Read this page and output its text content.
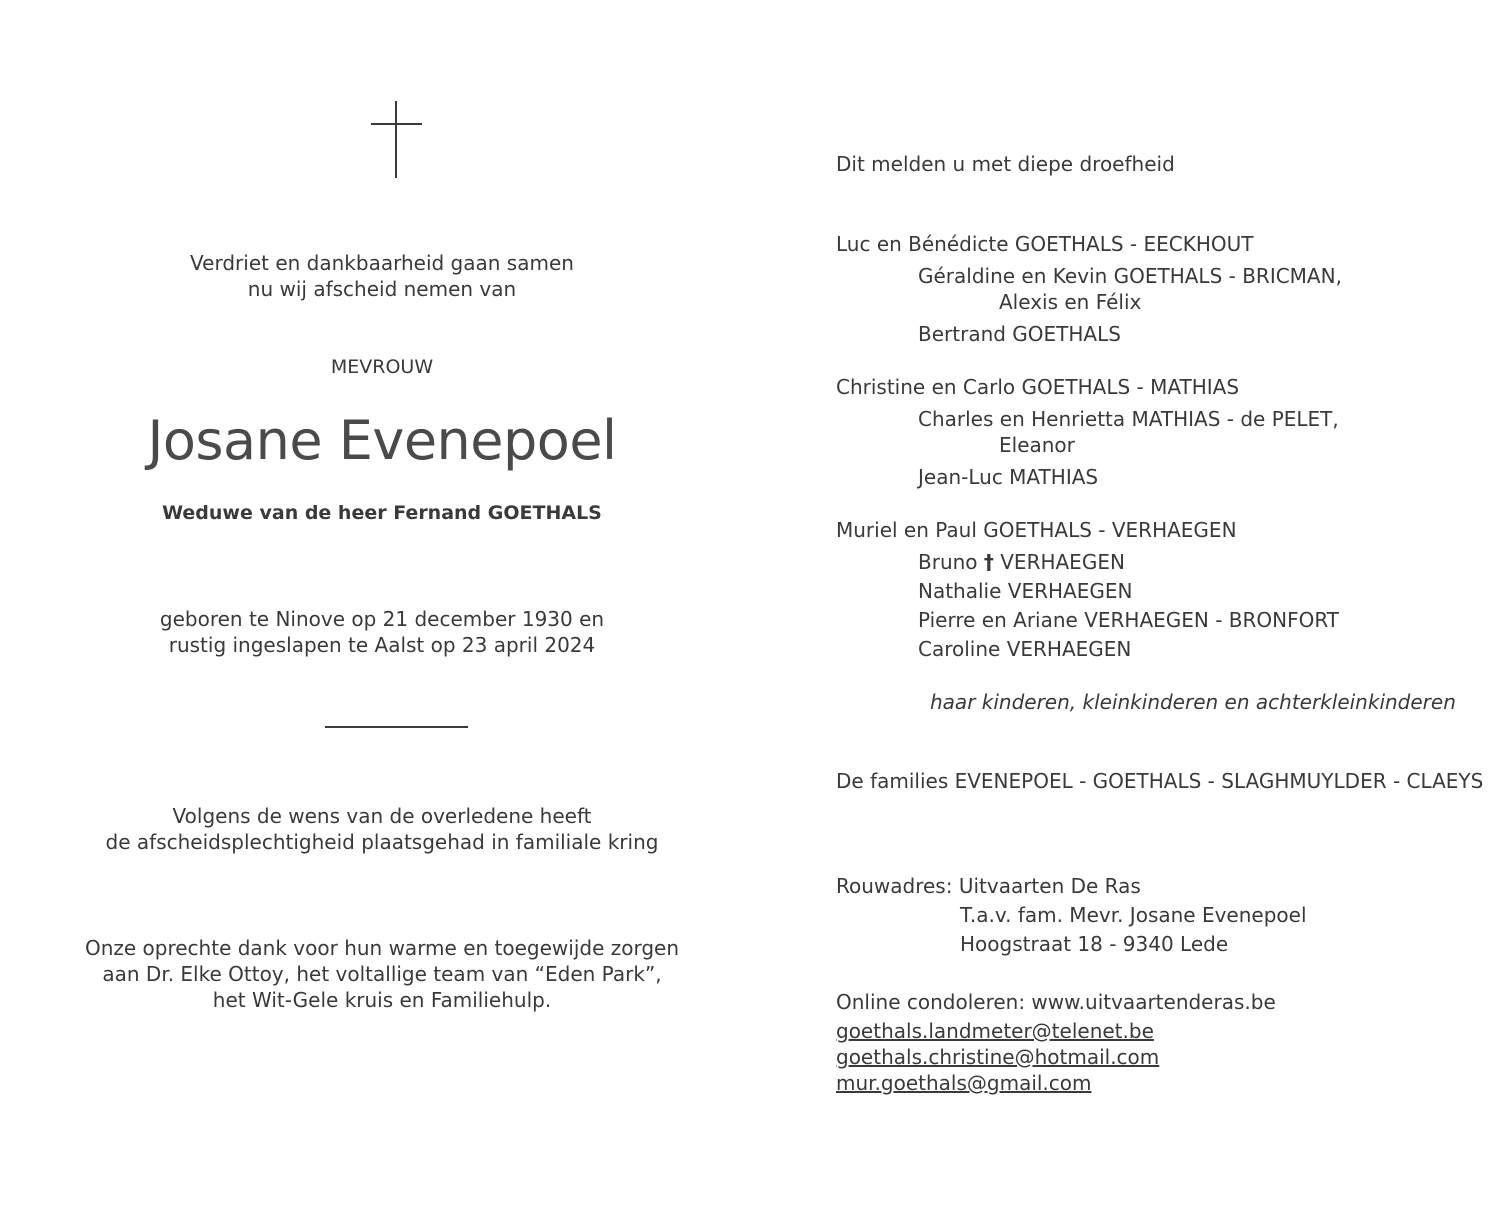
Verdriet en dankbaarheid gaan samen
nu wij afscheid nemen van
MEVROUW
Josane Evenepoel
Weduwe van de heer Fernand GOETHALS
geboren te Ninove op 21 december 1930 en
rustig ingeslapen te Aalst op 23 april 2024
Volgens de wens van de overledene heeft
de afscheidsplechtigheid plaatsgehad in familiale kring
Onze oprechte dank voor hun warme en toegewijde zorgen
aan Dr. Elke Ottoy, het voltallige team van “Eden Park”,
het Wit-Gele kruis en Familiehulp.
Dit melden u met diepe droefheid
Luc en Bénédicte GOETHALS - EECKHOUT
Géraldine en Kevin GOETHALS - BRICMAN,
Alexis en Félix
Bertrand GOETHALS
Christine en Carlo GOETHALS - MATHIAS
Charles en Henrietta MATHIAS - de PELET,
Eleanor
Jean-Luc MATHIAS
Muriel en Paul GOETHALS - VERHAEGEN
Bruno † VERHAEGEN
Nathalie VERHAEGEN
Pierre en Ariane VERHAEGEN - BRONFORT
Caroline VERHAEGEN
haar kinderen, kleinkinderen en achterkleinkinderen
De families EVENEPOEL - GOETHALS - SLAGHMUYLDER - CLAEYS
Rouwadres: Uitvaarten De Ras
T.a.v. fam. Mevr. Josane Evenepoel
Hoogstraat 18 - 9340 Lede
Online condoleren: www.uitvaartenderas.be
goethals.landmeter@telenet.be
goethals.christine@hotmail.com
mur.goethals@gmail.com
